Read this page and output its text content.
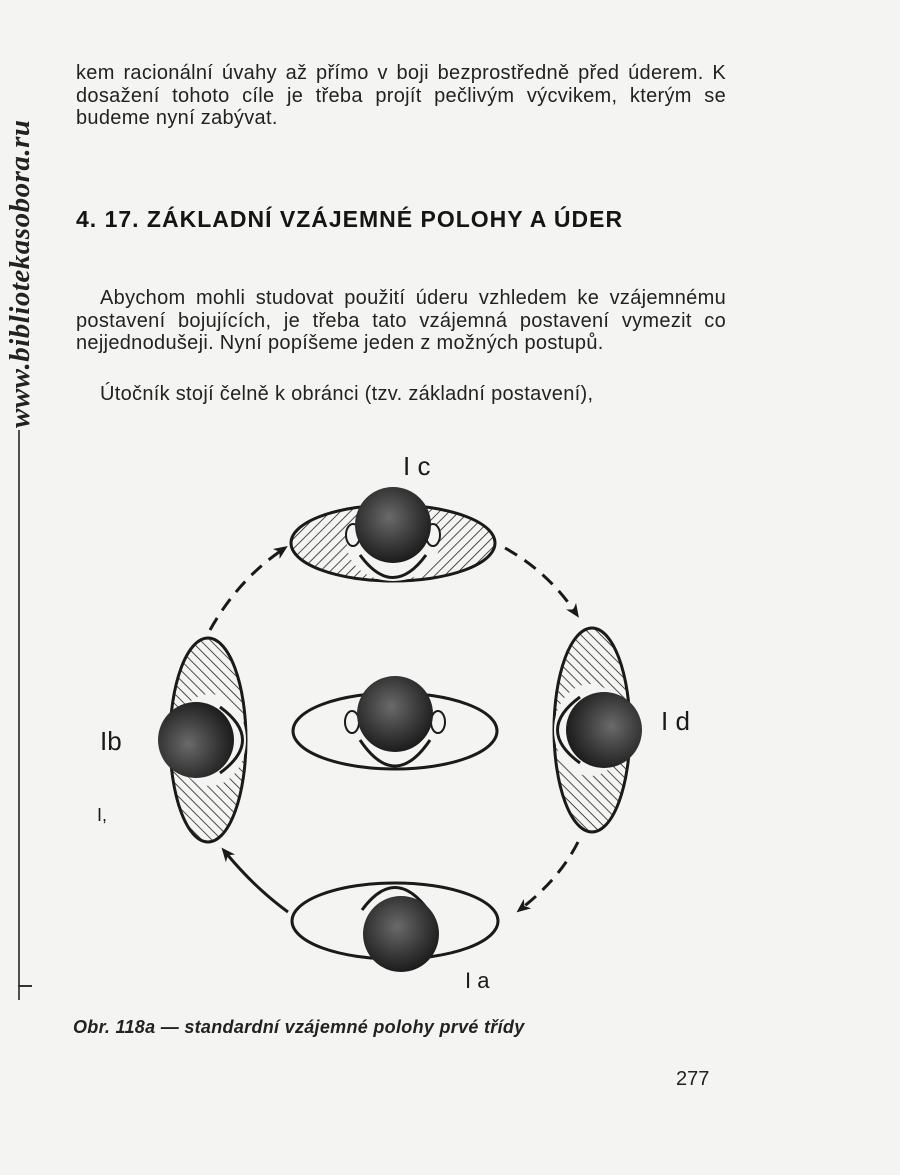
www.bibliotekasobora.ru
kem racionální úvahy až přímo v boji bezprostředně před úderem. K dosažení tohoto cíle je třeba projít pečlivým výcvikem, kterým se budeme nyní zabývat.
4. 17. ZÁKLADNÍ VZÁJEMNÉ POLOHY A ÚDER
Abychom mohli studovat použití úderu vzhledem ke vzájemnému postavení bojujících, je třeba tato vzájemná postavení vymezit co nejjednodušeji. Nyní popíšeme jeden z možných postupů.
Útočník stojí čelně k obránci (tzv. základní postavení),
I c
I d
Ib
I a
I,
Obr. 118a — standardní vzájemné polohy prvé třídy
277
